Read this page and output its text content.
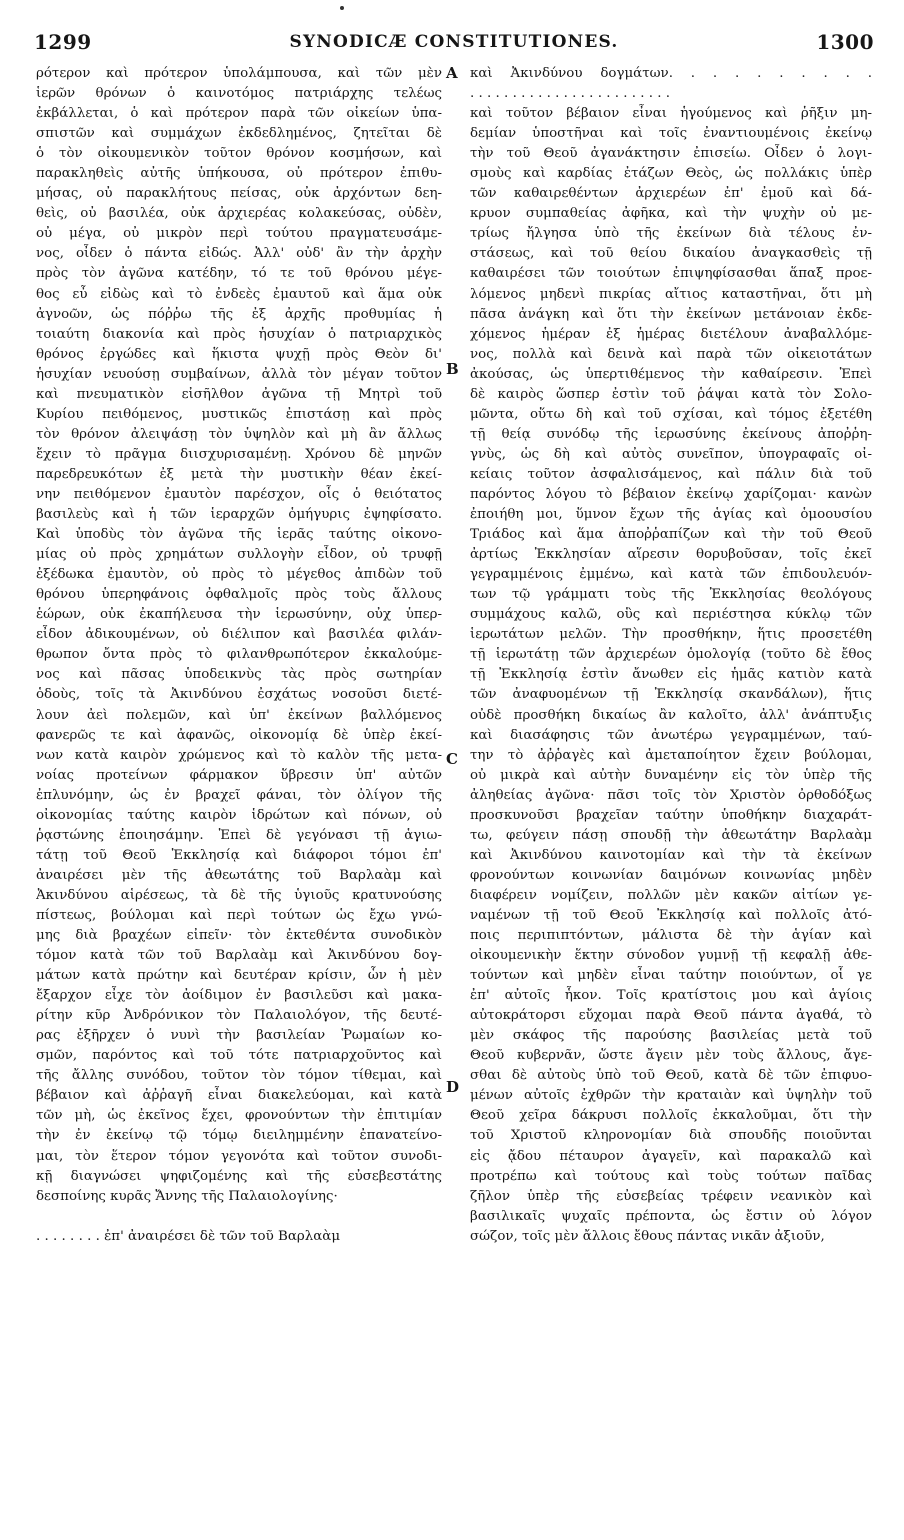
1299	SYNODICÆ CONSTITUTIONES.	1300
ρότερον καὶ πρότερον ὑπολάμπουσα, καὶ τῶν μὲν
ἱερῶν θρόνων ὁ καινοτόμος πατριάρχης τελέως
ἐκβάλλεται, ὁ καὶ πρότερον παρὰ τῶν οἰκείων ὑπα-
σπιστῶν καὶ συμμάχων ἐκδεδλημένος, ζητεῖται δὲ
ὁ τὸν οἰκουμενικὸν τοῦτον θρόνον κοσμήσων, καὶ
παρακληθεὶς αὐτῆς ὑπήκουσα, οὐ πρότερον ἐπιθυ-
μήσας, οὐ παρακλήτους πείσας, οὐκ ἀρχόντων δεη-
θεὶς, οὐ βασιλέα, οὐκ ἀρχιερέας κολακεύσας, οὐδὲν,
οὐ μέγα, οὐ μικρὸν περὶ τούτου πραγματευσάμε-
νος, οἶδεν ὁ πάντα εἰδώς. Ἀλλ' οὐδ' ἂν τὴν ἀρχὴν
πρὸς τὸν ἀγῶνα κατέδην, τό τε τοῦ θρόνου μέγε-
θος εὖ εἰδὼς καὶ τὸ ἐνδεὲς ἐμαυτοῦ καὶ ἅμα οὐκ
ἀγνοῶν, ὡς πόῤῥω τῆς ἐξ ἀρχῆς προθυμίας ἡ
τοιαύτη διακονία καὶ πρὸς ἡσυχίαν ὁ πατριαρχικὸς
θρόνος ἐργώδες καὶ ἥκιστα ψυχῇ πρὸς Θεὸν δι'
ἡσυχίαν νευούσῃ συμβαίνων, ἀλλὰ τὸν μέγαν τοῦτον
καὶ πνευματικὸν εἰσῆλθον ἀγῶνα τῇ Μητρὶ τοῦ
Κυρίου πειθόμενος, μυστικῶς ἐπιστάσῃ καὶ πρὸς
τὸν θρόνον ἀλειψάσῃ τὸν ὑψηλὸν καὶ μὴ ἂν ἄλλως
ἔχειν τὸ πρᾶγμα διισχυρισαμένῃ. Χρόνου δὲ μηνῶν
παρεδρευκότων ἐξ μετὰ τὴν μυστικὴν θέαν ἐκεί-
νην πειθόμενον ἐμαυτὸν παρέσχον, οἷς ὁ θειότατος
βασιλεὺς καὶ ἡ τῶν ἱεραρχῶν ὁμήγυρις ἐψηφίσατο.
Καὶ ὑποδὺς τὸν ἀγῶνα τῆς ἱερᾶς ταύτης οἰκονο-
μίας οὐ πρὸς χρημάτων συλλογὴν εἶδον, οὐ τρυφῇ
ἐξέδωκα ἐμαυτὸν, οὐ πρὸς τὸ μέγεθος ἀπιδὼν τοῦ
θρόνου ὑπερηφάνοις ὀφθαλμοῖς πρὸς τοὺς ἄλλους
ἑώρων, οὐκ ἐκαπήλευσα τὴν ἱερωσύνην, οὐχ ὑπερ-
εἶδον ἀδικουμένων, οὐ διέλιπον καὶ βασιλέα φιλάν-
θρωπον ὄντα πρὸς τὸ φιλανθρωπότερον ἐκκαλούμε-
νος καὶ πᾶσας ὑποδεικνὺς τὰς πρὸς σωτηρίαν
ὁδοὺς, τοῖς τὰ Ἀκινδύνου ἐσχάτως νοσοῦσι διετέ-
λουν ἀεὶ πολεμῶν, καὶ ὑπ' ἐκείνων βαλλόμενος
φανερῶς τε καὶ ἀφανῶς, οἰκονομίᾳ δὲ ὑπὲρ ἐκεί-
νων κατὰ καιρὸν χρώμενος καὶ τὸ καλὸν τῆς μετα-
νοίας προτείνων φάρμακον ὕβρεσιν ὑπ' αὐτῶν
ἐπλυνόμην, ὡς ἐν βραχεῖ φάναι, τὸν ὀλίγον τῆς
οἰκονομίας ταύτης καιρὸν ἱδρώτων καὶ πόνων, οὐ
ῥᾳστώνης ἐποιησάμην. Ἐπεὶ δὲ γεγόνασι τῇ ἁγιω-
τάτῃ τοῦ Θεοῦ Ἐκκλησίᾳ καὶ διάφοροι τόμοι ἐπ'
ἀναιρέσει μὲν τῆς ἀθεωτάτης τοῦ Βαρλαὰμ καὶ
Ἀκινδύνου αἱρέσεως, τὰ δὲ τῆς ὑγιοῦς κρατυνούσης
πίστεως, βούλομαι καὶ περὶ τούτων ὡς ἔχω γνώ-
μης διὰ βραχέων εἰπεῖν· τὸν ἐκτεθέντα συνοδικὸν
τόμον κατὰ τῶν τοῦ Βαρλαὰμ καὶ Ἀκινδύνου δογ-
μάτων κατὰ πρώτην καὶ δευτέραν κρίσιν, ὧν ἡ μὲν
ἔξαρχον εἶχε τὸν ἀοίδιμον ἐν βασιλεῦσι καὶ μακα-
ρίτην κῦρ Ἀνδρόνικον τὸν Παλαιολόγον, τῆς δευτέ-
ρας ἐξῆρχεν ὁ νυνὶ τὴν βασιλείαν Ῥωμαίων κο-
σμῶν, παρόντος καὶ τοῦ τότε πατριαρχοῦντος καὶ
τῆς ἄλλης συνόδου, τοῦτον τὸν τόμον τίθεμαι, καὶ
βέβαιον καὶ ἀῤῥαγῆ εἶναι διακελεύομαι, καὶ κατὰ
τῶν μὴ, ὡς ἐκεῖνος ἔχει, φρονούντων τὴν ἐπιτιμίαν
τὴν ἐν ἐκείνῳ τῷ τόμῳ διειλημμένην ἐπανατείνο-
μαι, τὸν ἕτερον τόμον γεγονότα καὶ τοῦτον συνοδι-
κῇ διαγνώσει ψηφιζομένης καὶ τῆς εὐσεβεστάτης
δεσποίνης κυρᾶς Ἄννης τῆς Παλαιολογίνης·
. . . . . . . . ἐπ' ἀναιρέσει δὲ τῶν τοῦ Βαρλαὰμ
καὶ Ἀκινδύνου δογμάτων. . . . . . . . . .
. . . . . . . . . . . . . . . . . . . . . . . .
καὶ τοῦτον βέβαιον εἶναι ἡγούμενος καὶ ῥῆξιν μη-
δεμίαν ὑποστῆναι καὶ τοῖς ἐναντιουμένοις ἐκείνῳ
τὴν τοῦ Θεοῦ ἀγανάκτησιν ἐπισείω. Οἶδεν ὁ λογι-
σμοὺς καὶ καρδίας ἐτάζων Θεὸς, ὡς πολλάκις ὑπὲρ
τῶν καθαιρεθέντων ἀρχιερέων ἐπ' ἐμοῦ καὶ δά-
κρυον συμπαθείας ἀφῆκα, καὶ τὴν ψυχὴν οὐ με-
τρίως ἤλγησα ὑπὸ τῆς ἐκείνων διὰ τέλους ἐν-
στάσεως, καὶ τοῦ θείου δικαίου ἀναγκασθεὶς τῇ
καθαιρέσει τῶν τοιούτων ἐπιψηφίσασθαι ἅπαξ προε-
λόμενος μηδενὶ πικρίας αἴτιος καταστῆναι, ὅτι μὴ
πᾶσα ἀνάγκη καὶ ὅτι τὴν ἐκείνων μετάνοιαν ἐκδε-
χόμενος ἡμέραν ἐξ ἡμέρας διετέλουν ἀναβαλλόμε-
νος, πολλὰ καὶ δεινὰ καὶ παρὰ τῶν οἰκειοτάτων
ἀκούσας, ὡς ὑπερτιθέμενος τὴν καθαίρεσιν. Ἐπεὶ
δὲ καιρὸς ὥσπερ ἐστὶν τοῦ ῥάψαι κατὰ τὸν Σολο-
μῶντα, οὕτω δὴ καὶ τοῦ σχίσαι, καὶ τόμος ἐξετέθη
τῇ θείᾳ συνόδῳ τῆς ἱερωσύνης ἐκείνους ἀποῤῥη-
γνὺς, ὡς δὴ καὶ αὐτὸς συνεῖπον, ὑπογραφαῖς οἰ-
κείαις τοῦτον ἀσφαλισάμενος, καὶ πάλιν διὰ τοῦ
παρόντος λόγου τὸ βέβαιον ἐκείνῳ χαρίζομαι· κανὼν
ἐποιήθη μοι, ὕμνον ἔχων τῆς ἁγίας καὶ ὁμοουσίου
Τριάδος καὶ ἅμα ἀποῤῥαπίζων καὶ τὴν τοῦ Θεοῦ
ἀρτίως Ἐκκλησίαν αἵρεσιν θορυβοῦσαν, τοῖς ἐκεῖ
γεγραμμένοις ἐμμένω, καὶ κατὰ τῶν ἐπιδουλευόν-
των τῷ γράμματι τοὺς τῆς Ἐκκλησίας θεολόγους
συμμάχους καλῶ, οὓς καὶ περιέστησα κύκλῳ τῶν
ἱερωτάτων μελῶν. Τὴν προσθήκην, ἥτις προσετέθη
τῇ ἱερωτάτῃ τῶν ἀρχιερέων ὁμολογίᾳ (τοῦτο δὲ ἔθος
τῇ Ἐκκλησίᾳ ἐστὶν ἄνωθεν εἰς ἡμᾶς κατιὸν κατὰ
τῶν ἀναφυομένων τῇ Ἐκκλησίᾳ σκανδάλων), ἥτις
οὐδὲ προσθήκη δικαίως ἂν καλοῖτο, ἀλλ' ἀνάπτυξις
καὶ διασάφησις τῶν ἀνωτέρω γεγραμμένων, ταύ-
την τὸ ἀῤῥαγὲς καὶ ἀμεταποίητον ἔχειν βούλομαι,
οὐ μικρὰ καὶ αὐτὴν δυναμένην εἰς τὸν ὑπὲρ τῆς
ἀληθείας ἀγῶνα· πᾶσι τοῖς τὸν Χριστὸν ὀρθοδόξως
προσκυνοῦσι βραχεῖαν ταύτην ὑποθήκην διαχαράτ-
τω, φεύγειν πάσῃ σπουδῇ τὴν ἀθεωτάτην Βαρλαὰμ
καὶ Ἀκινδύνου καινοτομίαν καὶ τὴν τὰ ἐκείνων
φρονούντων κοινωνίαν δαιμόνων κοινωνίας μηδὲν
διαφέρειν νομίζειν, πολλῶν μὲν κακῶν αἰτίων γε-
ναμένων τῇ τοῦ Θεοῦ Ἐκκλησίᾳ καὶ πολλοῖς ἀτό-
ποις περιπιπτόντων, μάλιστα δὲ τὴν ἁγίαν καὶ
οἰκουμενικὴν ἕκτην σύνοδον γυμνῇ τῇ κεφαλῇ ἀθε-
τούντων καὶ μηδὲν εἶναι ταύτην ποιούντων, οἷ γε
ἐπ' αὐτοῖς ἧκον. Τοῖς κρατίστοις μου καὶ ἁγίοις
αὐτοκράτορσι εὔχομαι παρὰ Θεοῦ πάντα ἀγαθά, τὸ
μὲν σκάφος τῆς παρούσης βασιλείας μετὰ τοῦ
Θεοῦ κυβερνᾶν, ὥστε ἄγειν μὲν τοὺς ἄλλους, ἄγε-
σθαι δὲ αὐτοὺς ὑπὸ τοῦ Θεοῦ, κατὰ δὲ τῶν ἐπιφυο-
μένων αὐτοῖς ἐχθρῶν τὴν κραταιὰν καὶ ὑψηλὴν τοῦ
Θεοῦ χεῖρα δάκρυσι πολλοῖς ἐκκαλοῦμαι, ὅτι τὴν
τοῦ Χριστοῦ κληρονομίαν διὰ σπουδῆς ποιοῦνται
εἰς ᾄδου πέταυρον ἀγαγεῖν, καὶ παρακαλῶ καὶ
προτρέπω καὶ τούτους καὶ τοὺς τούτων παῖδας
ζῆλον ὑπὲρ τῆς εὐσεβείας τρέφειν νεανικὸν καὶ
βασιλικαῖς ψυχαῖς πρέποντα, ὡς ἔστιν οὐ λόγον
σώζον, τοῖς μὲν ἄλλοις ἔθους πάντας νικᾶν ἀξιοῦν,
A
B
C
D
